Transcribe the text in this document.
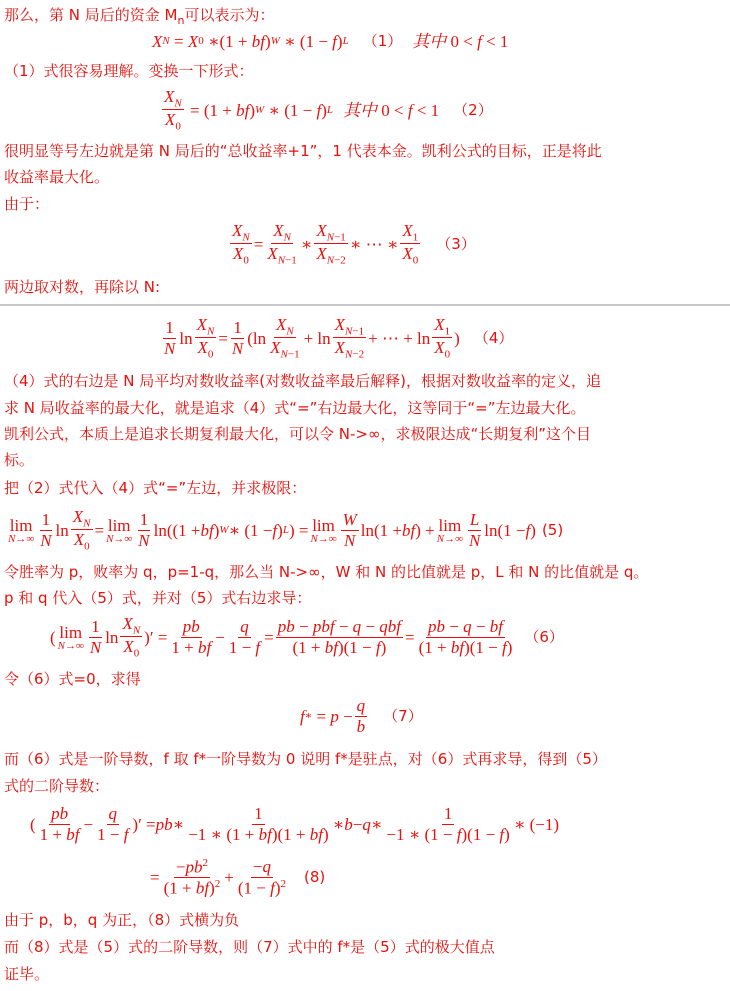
那么，第 N 局后的资金 $M_n$可以表示为：
X N = X 0 ∗(1 + bf ) W ∗ (1 − f ) L （1） 其中 0 < f < 1
（1）式很容易理解。变换一下形式：
$\frac{X_N}{X_0} = (1$ + bf ) W ∗ (1 − f ) L 其中 0 < f < 1 （2）
很明显等号左边就是第 N 局后的“总收益率+1”，1 代表本金。凯利公式的目标，正是将此
收益率最大化。
由于：
$\frac{X_N}{X_0} = \frac{X_N}{X_{N-1}}$ ∗ $\frac{X_{N-1}}{X_{N-2}}$ ∗ ⋯ ∗ $\frac{X_1}{X_0} (3)$
两边取对数，再除以 N:
$\frac{1}{N}$ $\ln \frac{X_N}{X_0} = \frac{1}{N} (\ln \frac{X_N}{X_{N-1}} + \ln \frac{X_{N-1}}{X_{N-2}}$ + ⋯ + $\ln \frac{X_1}{X_0}$ ) （4）
（4）式的右边是 N 局平均对数收益率(对数收益率最后解释)，根据对数收益率的定义，追
求 N 局收益率的最大化，就是追求（4）式“=”右边最大化，这等同于“=”左边最大化。
凯利公式，本质上是追求长期复利最大化，可以令 N->∞，求极限达成“长期复利”这个目
标。
把（2）式代入（4）式“=”左边，并求极限：
lim
$N\to\infty \frac{1}{N}$ $\ln \frac{X_N}{X_0} = \lim$
$N\to\infty \frac{1}{N} \ln((1$ + bf ) W ∗ (1 − f ) L ) = lim
$N\to\infty \frac{W}{N} \ln(1$ + bf ) + lim
$N\to\infty \frac{L}{N} \ln(1 - f$ ) (5)
令胜率为 p，败率为 q，p=1-q，那么当 N->∞，W 和 N 的比值就是 p，L 和 N 的比值就是 q。
p 和 q 代入（5）式，并对（5）式右边求导：
( lim
$N\to\infty \frac{1}{N}$ $\ln \frac{X_N}{X_0}$ )′ = $\frac{pb}{1 + bf} - \frac{q}{1 - f} = \frac{\text{pb − pbf − q − qbf}}{(1 + bf)(1 - f)} = \frac{pb - q - bf}{(1 + bf)(1 - f)} (6)$
令（6）式=0，求得
f ∗ = $p - \frac{q}{b} (7)$
而（6）式是一阶导数，f 取 f*一阶导数为 0 说明 f*是驻点，对（6）式再求导，得到（5）
式的二阶导数：
( $\frac{pb}{1 + bf} - \frac{q}{1 - f}$ )′ = pb ∗ $\frac{1}{-1 ∗ (1 + bf)(1 + bf)}$ ∗ b − q ∗ $\frac{1}{-1 ∗ (1 - f)(1 - f)}$ ∗ (−1)
= $\frac{-pb^2}{(1 + bf)^2} + \frac{-q}{(1 - f)^2} (8)$
由于 p，b，q 为正，（8）式横为负
而（8）式是（5）式的二阶导数，则（7）式中的 f*是（5）式的极大值点
证毕。
